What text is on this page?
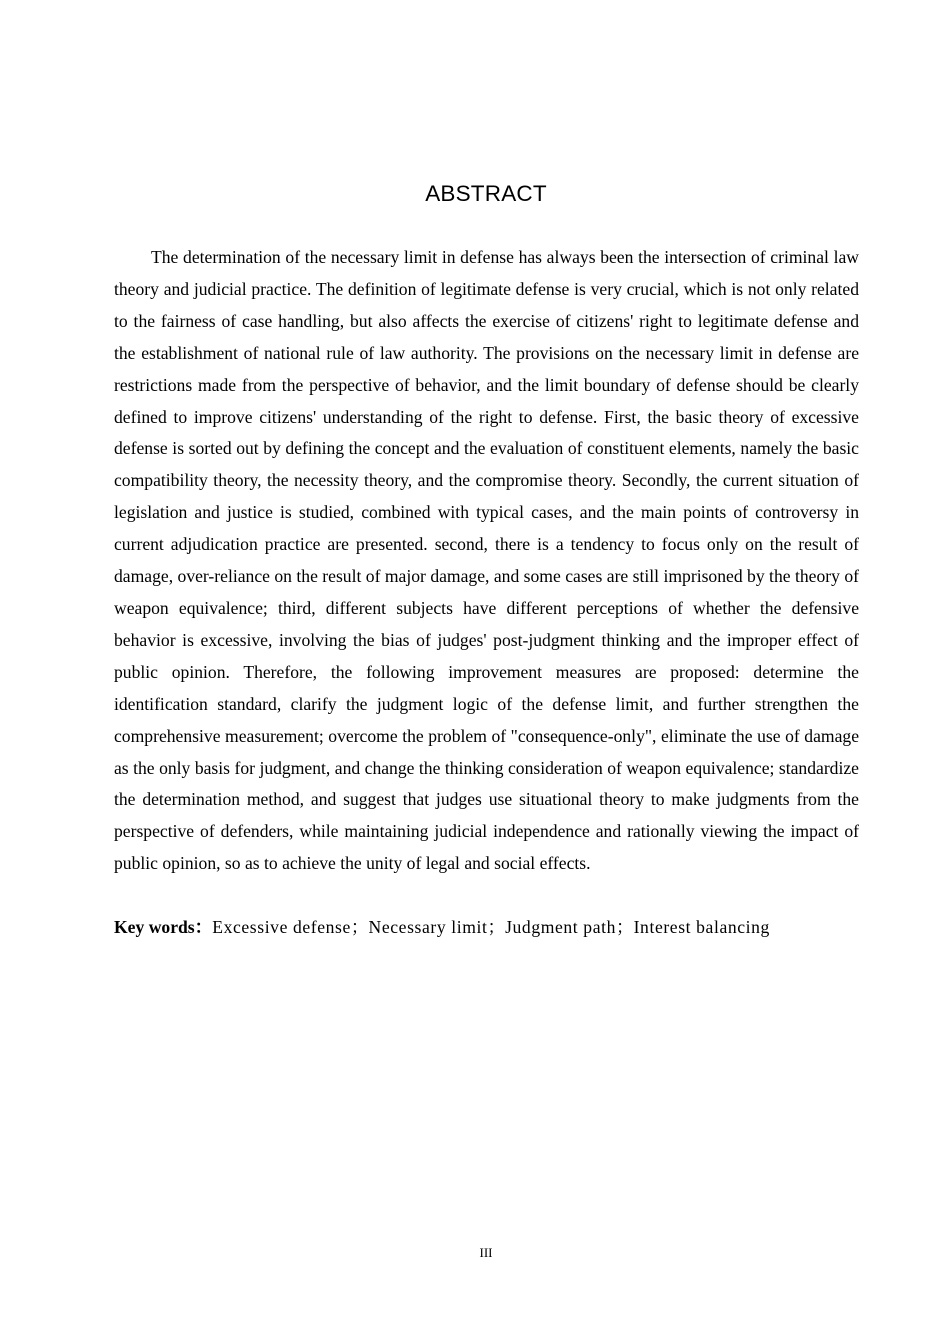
ABSTRACT

The determination of the necessary limit in defense has always been the intersection of criminal law theory and judicial practice. The definition of legitimate defense is very crucial, which is not only related to the fairness of case handling, but also affects the exercise of citizens' right to legitimate defense and the establishment of national rule of law authority. The provisions on the necessary limit in defense are restrictions made from the perspective of behavior, and the limit boundary of defense should be clearly defined to improve citizens' understanding of the right to defense. First, the basic theory of excessive defense is sorted out by defining the concept and the evaluation of constituent elements, namely the basic compatibility theory, the necessity theory, and the compromise theory. Secondly, the current situation of legislation and justice is studied, combined with typical cases, and the main points of controversy in current adjudication practice are presented. second, there is a tendency to focus only on the result of damage, over-reliance on the result of major damage, and some cases are still imprisoned by the theory of weapon equivalence; third, different subjects have different perceptions of whether the defensive behavior is excessive, involving the bias of judges' post-judgment thinking and the improper effect of public opinion. Therefore, the following improvement measures are proposed: determine the identification standard, clarify the judgment logic of the defense limit, and further strengthen the comprehensive measurement; overcome the problem of "consequence-only", eliminate the use of damage as the only basis for judgment, and change the thinking consideration of weapon equivalence; standardize the determination method, and suggest that judges use situational theory to make judgments from the perspective of defenders, while maintaining judicial independence and rationally viewing the impact of public opinion, so as to achieve the unity of legal and social effects.

Key words：Excessive defense；Necessary limit；Judgment path；Interest balancing

III
